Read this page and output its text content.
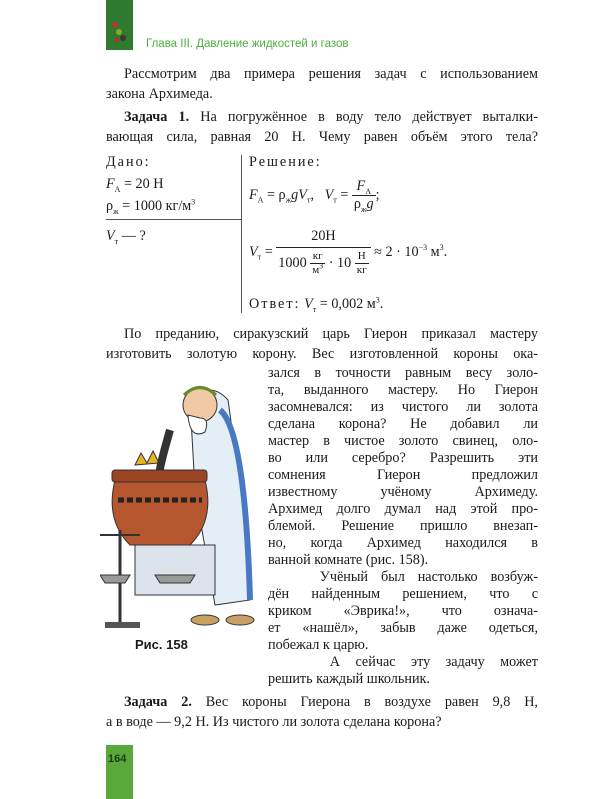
Глава III. Давление жидкостей и газов
Рассмотрим два примера решения задач с использованием
закона Архимеда.
Задача 1. На погружённое в воду тело действует выталки-
вающая сила, равная 20 Н. Чему равен объём этого тела?
Дано:
$F_А = 20$ Н
$\rho_ж = 1000$ $кг/м^3$
$V_т$ — ?
Решение:
$F_А = \rho_жgV_т$, $V_т = \frac{F_А}{\rho_жg}$ ;
$V_т = \frac{20Н}{1000 \frac{кг}{м^3} \cdot 10 \frac{Н}{кг}} \approx 2 \cdot 10^{-3}$ $м^3$.
Ответ: $V_т = 0,002$ $м^3$.
По преданию, сиракузский царь Гиерон приказал мастеру
изготовить золотую корону. Вес изготовленной короны ока-
зался в точности равным весу золо-
та, выданного мастеру. Но Гиерон
засомневался: из чистого ли золота
сделана корона? Не добавил ли
мастер в чистое золото свинец, оло-
во или серебро? Разрешить эти
сомнения Гиерон предложил
известному учёному Архимеду.
Архимед долго думал над этой про-
блемой. Решение пришло внезап-
но, когда Архимед находился в
ванной комнате (рис. 158).
Учёный был настолько возбуж-
дён найденным решением, что с
криком «Эврика!», что означа-
ет «нашёл», забыв даже одеться,
побежал к царю.
А сейчас эту задачу может
решить каждый школьник.
Рис. 158
Задача 2. Вес короны Гиерона в воздухе равен 9,8 Н,
а в воде — 9,2 Н. Из чистого ли золота сделана корона?
164
